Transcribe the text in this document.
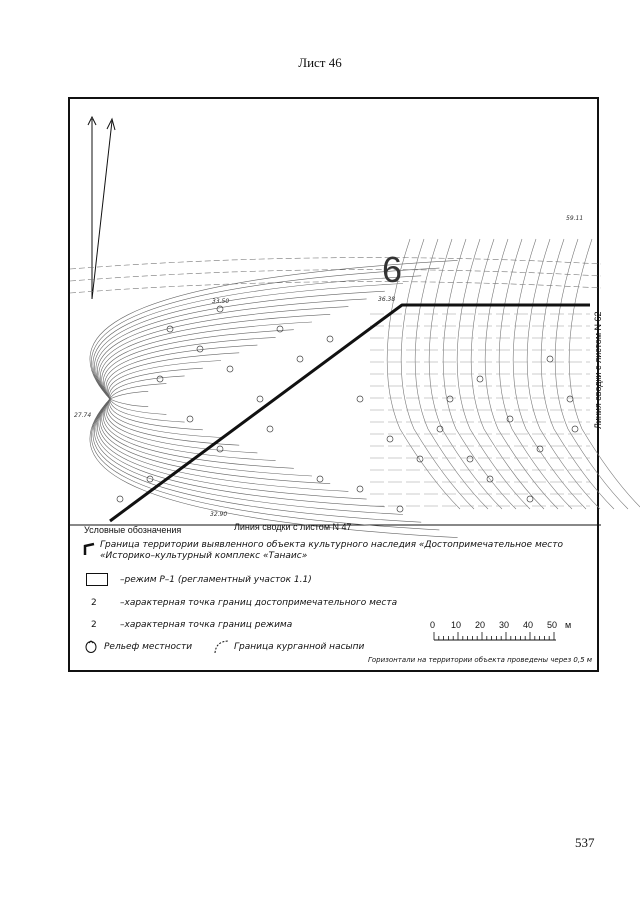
Лист 46
6
Линия сводки с листом N 62
Линия сводки с листом N 47
33.50	36.38
27.74
59.11
32.90
Условные обозначения
Граница территории выявленного объекта культурного наследия «Достопримечательное место «Историко–культурный комплекс «Танаис»
–режим Р–1 (регламентный участок 1.1)
2	–характерная точка границ достопримечательного места
2	–характерная точка границ режима
Рельеф местности	Граница курганной насыпи
0 10 20 30 40 50 м
Горизонтали на территории объекта проведены через 0,5 м
537
